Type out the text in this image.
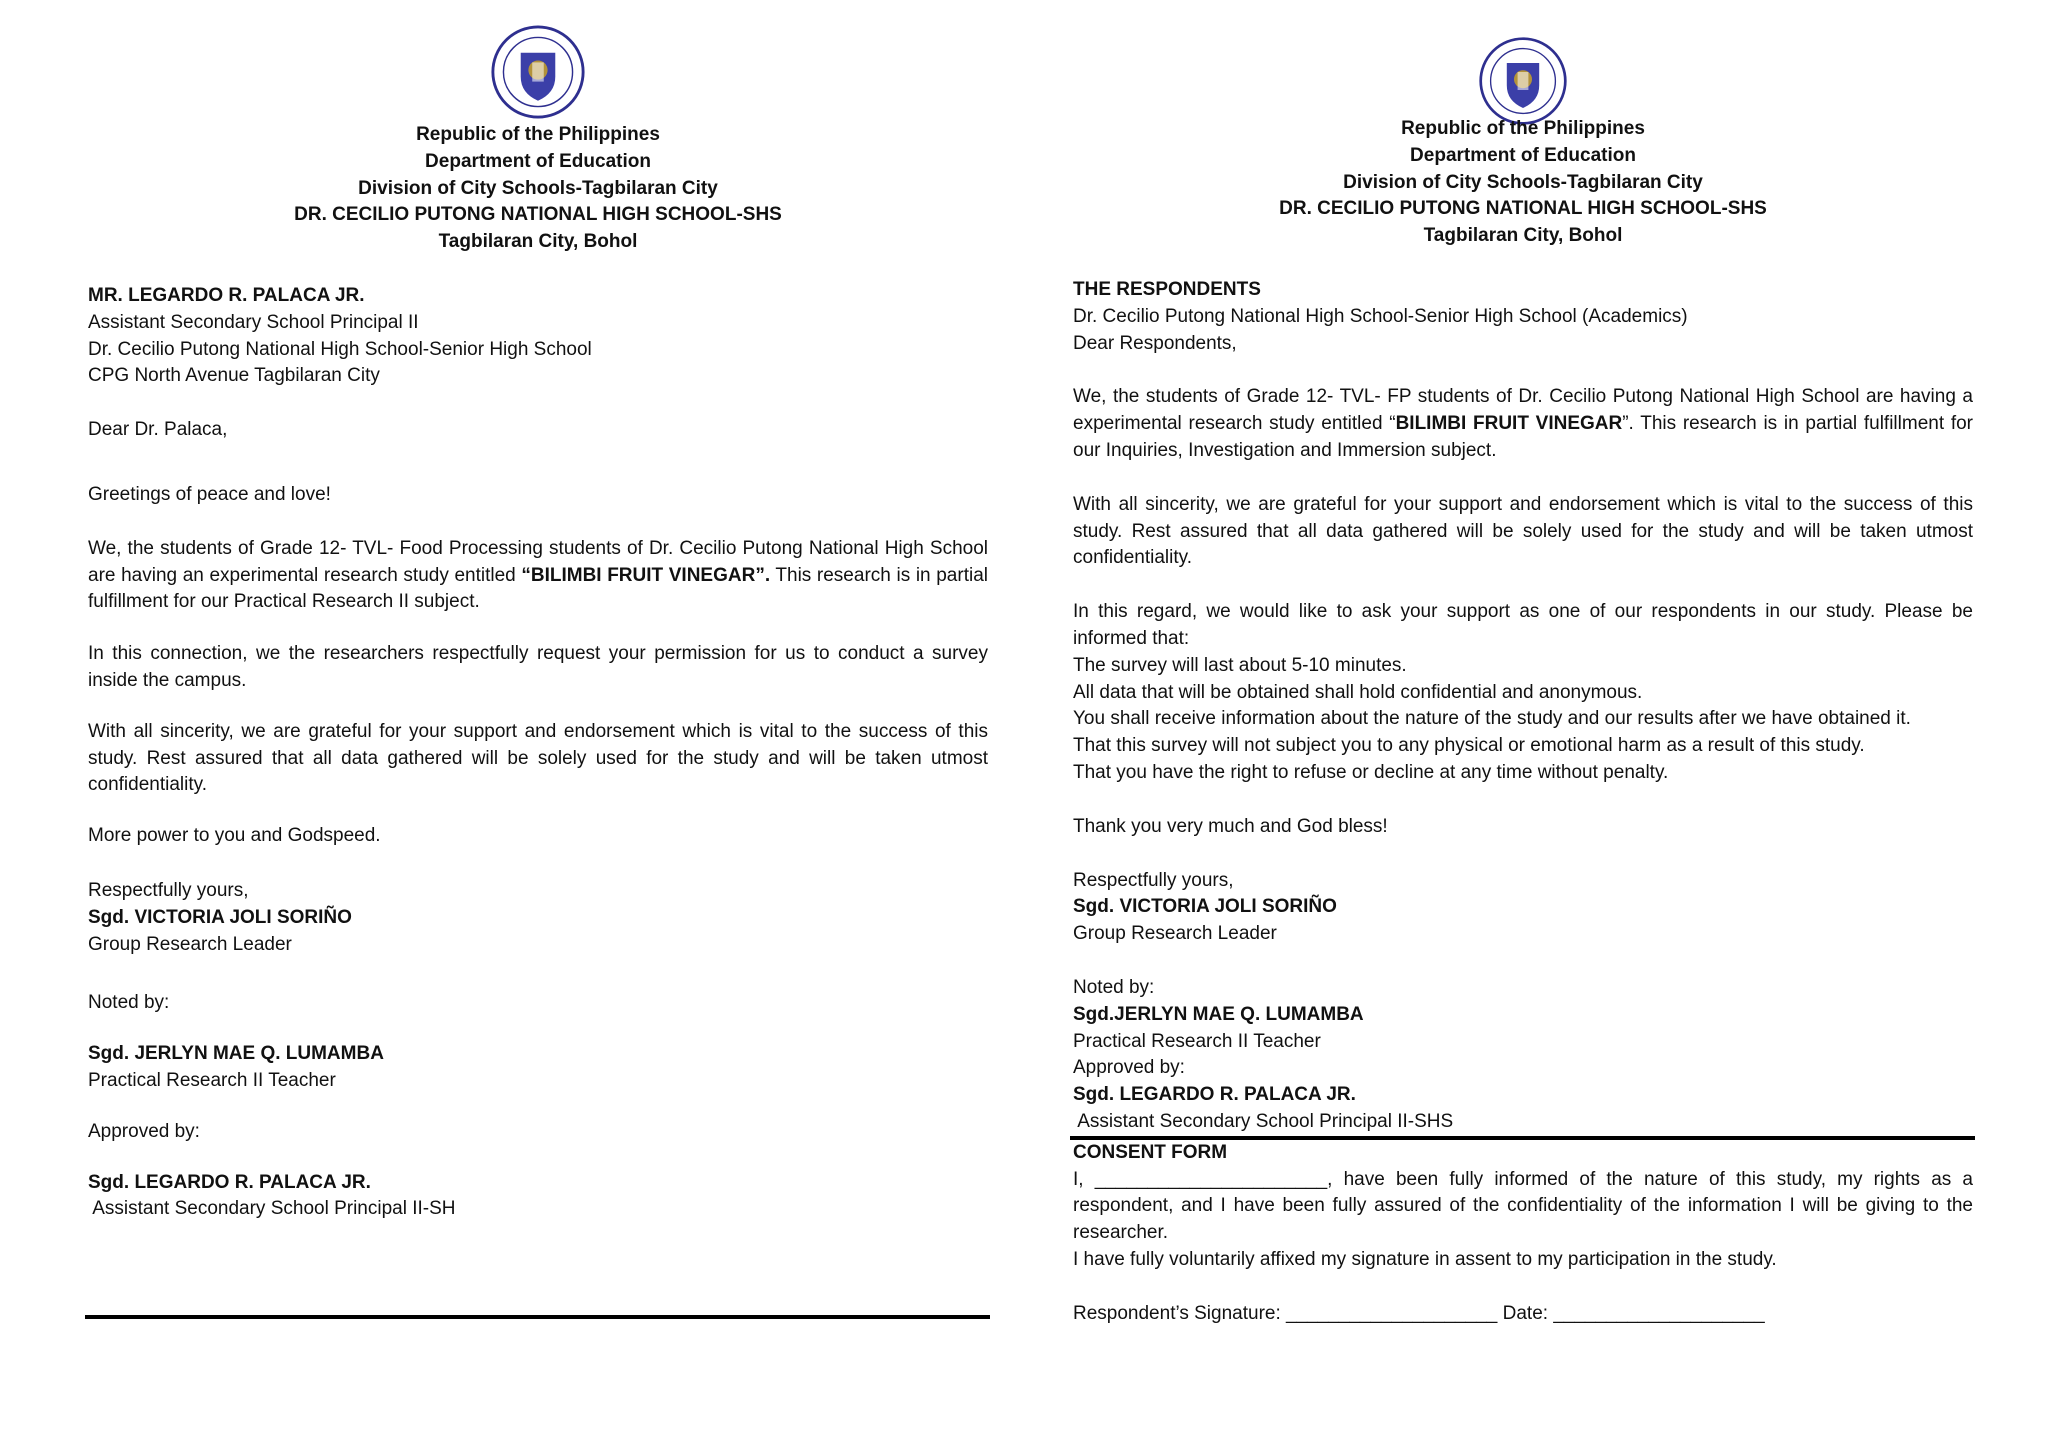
Republic of the Philippines
Department of Education
Division of City Schools-Tagbilaran City
DR. CECILIO PUTONG NATIONAL HIGH SCHOOL-SHS
Tagbilaran City, Bohol

MR. LEGARDO R. PALACA JR.

Assistant Secondary School Principal II

Dr. Cecilio Putong National High School-Senior High School

CPG North Avenue Tagbilaran City

Dear Dr. Palaca,

Greetings of peace and love!

We, the students of Grade 12- TVL- Food Processing students of Dr. Cecilio Putong National High School are having an experimental research study entitled “BILIMBI FRUIT VINEGAR”. This research is in partial fulfillment for our Practical Research II subject.

In this connection, we the researchers respectfully request your permission for us to conduct a survey inside the campus.

With all sincerity, we are grateful for your support and endorsement which is vital to the success of this study. Rest assured that all data gathered will be solely used for the study and will be taken utmost confidentiality.

More power to you and Godspeed.

Respectfully yours,

Sgd. VICTORIA JOLI SORIÑO

Group Research Leader

Noted by:

Sgd. JERLYN MAE Q. LUMAMBA

Practical Research II Teacher

Approved by:

Sgd. LEGARDO R. PALACA JR.

Assistant Secondary School Principal II-SH

Republic of the Philippines
Department of Education
Division of City Schools-Tagbilaran City
DR. CECILIO PUTONG NATIONAL HIGH SCHOOL-SHS
Tagbilaran City, Bohol

THE RESPONDENTS

Dr. Cecilio Putong National High School-Senior High School (Academics)

Dear Respondents,

We, the students of Grade 12- TVL- FP students of Dr. Cecilio Putong National High School are having a experimental research study entitled “BILIMBI FRUIT VINEGAR”. This research is in partial fulfillment for our Inquiries, Investigation and Immersion subject.

With all sincerity, we are grateful for your support and endorsement which is vital to the success of this study. Rest assured that all data gathered will be solely used for the study and will be taken utmost confidentiality.

In this regard, we would like to ask your support as one of our respondents in our study. Please be informed that:

The survey will last about 5-10 minutes.

All data that will be obtained shall hold confidential and anonymous.

You shall receive information about the nature of the study and our results after we have obtained it.

That this survey will not subject you to any physical or emotional harm as a result of this study.

That you have the right to refuse or decline at any time without penalty.

Thank you very much and God bless!

Respectfully yours,

Sgd. VICTORIA JOLI SORIÑO

Group Research Leader

Noted by:

Sgd.JERLYN MAE Q. LUMAMBA

Practical Research II Teacher

Approved by:

Sgd. LEGARDO R. PALACA JR.

Assistant Secondary School Principal II-SHS

CONSENT FORM

I, ______________________, have been fully informed of the nature of this study, my rights as a respondent, and I have been fully assured of the confidentiality of the information I will be giving to the researcher.

I have fully voluntarily affixed my signature in assent to my participation in the study.

Respondent’s Signature: ____________________ Date: ____________________
